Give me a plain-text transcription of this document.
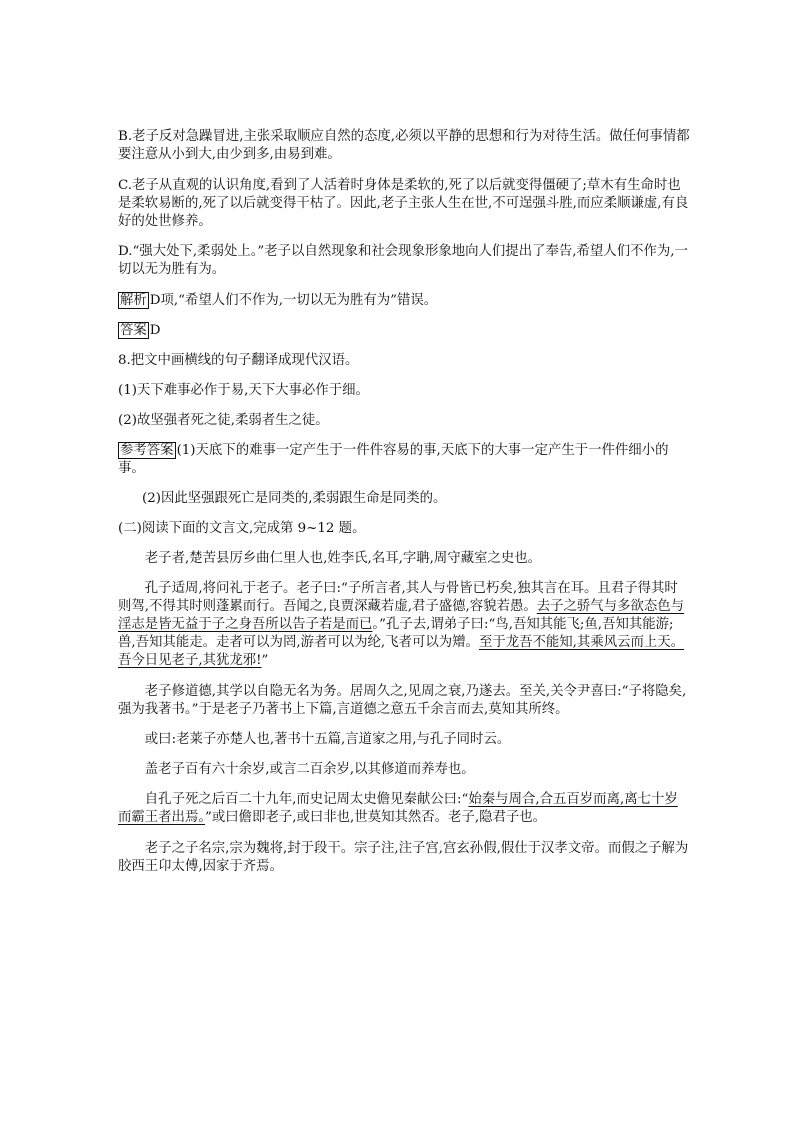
B.老子反对急躁冒进,主张采取顺应自然的态度,必须以平静的思想和行为对待生活。做任何事情都要注意从小到大,由少到多,由易到难。

C.老子从直观的认识角度,看到了人活着时身体是柔软的,死了以后就变得僵硬了;草木有生命时也是柔软易断的,死了以后就变得干枯了。因此,老子主张人生在世,不可逞强斗胜,而应柔顺谦虚,有良好的处世修养。

D.“强大处下,柔弱处上。”老子以自然现象和社会现象形象地向人们提出了奉告,希望人们不作为,一切以无为胜有为。

解析 D项,“希望人们不作为,一切以无为胜有为”错误。

答案 D

8.把文中画横线的句子翻译成现代汉语。

(1)天下难事必作于易,天下大事必作于细。

(2)故坚强者死之徒,柔弱者生之徒。

参考答案 (1)天底下的难事一定产生于一件件容易的事,天底下的大事一定产生于一件件细小的事。

(2)因此坚强跟死亡是同类的,柔弱跟生命是同类的。

(二)阅读下面的文言文,完成第 9~12 题。

老子者,楚苦县厉乡曲仁里人也,姓李氏,名耳,字聃,周守藏室之史也。

孔子适周,将问礼于老子。老子曰:“子所言者,其人与骨皆已朽矣,独其言在耳。且君子得其时则驾,不得其时则蓬累而行。吾闻之,良贾深藏若虚,君子盛德,容貌若愚。去子之骄气与多欲态色与淫志是皆无益于子之身吾所以告子若是而已。”孔子去,谓弟子曰:“鸟,吾知其能飞;鱼,吾知其能游;兽,吾知其能走。走者可以为罔,游者可以为纶,飞者可以为矰。至于龙吾不能知,其乘风云而上天。吾今日见老子,其犹龙邪!”

老子修道德,其学以自隐无名为务。居周久之,见周之衰,乃遂去。至关,关令尹喜曰:“子将隐矣,强为我著书。”于是老子乃著书上下篇,言道德之意五千余言而去,莫知其所终。

或曰:老莱子亦楚人也,著书十五篇,言道家之用,与孔子同时云。

盖老子百有六十余岁,或言二百余岁,以其修道而养寿也。

自孔子死之后百二十九年,而史记周太史儋见秦献公曰:“始秦与周合,合五百岁而离,离七十岁而霸王者出焉。”或曰儋即老子,或曰非也,世莫知其然否。老子,隐君子也。

老子之子名宗,宗为魏将,封于段干。宗子注,注子宫,宫玄孙假,假仕于汉孝文帝。而假之子解为胶西王卬太傅,因家于齐焉。
